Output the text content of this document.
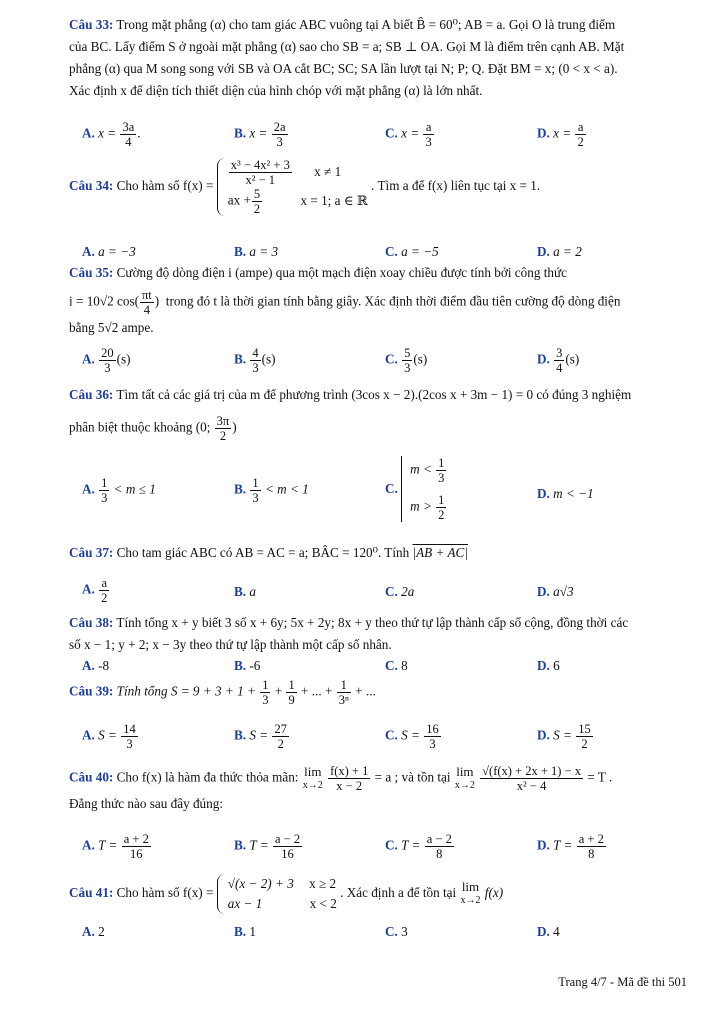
Câu 33: Trong mặt phẳng (α) cho tam giác ABC vuông tại A biết B̂ = 60⁰; AB = a. Gọi O là trung điểm
của BC. Lấy điểm S ở ngoài mặt phẳng (α) sao cho SB = a; SB ⊥ OA. Gọi M là điểm trên cạnh AB. Mặt
phẳng (α) qua M song song với SB và OA cắt BC; SC; SA lần lượt tại N; P; Q. Đặt BM = x; (0 < x < a).
Xác định x để diện tích thiết diện của hình chóp với mặt phẳng (α) là lớn nhất.
A. $x = \frac{3a}{4}$ .	B. $x = \frac{2a}{3}$	C. $x = \frac{a}{3}$	D. $x = \frac{a}{2}$
Câu 34: Cho hàm số $f(x) = \frac{\text{x³ − 4x² + 3}}{\text{x² − 1}}$ x ≠ 1
ax + $\frac{5}{2}$	x = 1; a ∈ ℝ
. Tìm a để f(x) liên tục tại x = 1.
A. a = −3	B. a = 3	C. a = −5	D. a = 2
Câu 35: Cường độ dòng điện i (ampe) qua một mạch điện xoay chiều được tính bởi công thức
i = 10√2 $\cos( \frac{\pi t}{4}$ ) trong đó t là thời gian tính bằng giây. Xác định thời điểm đầu tiên cường độ dòng điện
bằng 5√2 ampe.
A. $\frac{20}{3} (s)$	B. $\frac{4}{3} (s)$	C. $\frac{5}{3} (s)$	D. $\frac{3}{4} (s)$
Câu 36: Tìm tất cả các giá trị của m để phương trình (3cos x − 2).(2cos x + 3m − 1) = 0 có đúng 3 nghiệm
phân biệt thuộc khoảng (0; $\frac{3\pi}{2}$ )
A. $\frac{1}{3} < m \le 1$	B. $\frac{1}{3} < m < 1$	C.
$m < \frac{1}{3}$
$m > \frac{1}{2}$	D. m < −1
Câu 37: Cho tam giác ABC có AB = AC = a; BÂC = 120⁰. Tính |AB + AC|
A. $\frac{a}{2}$	B. a	C. 2a	D. a√3
Câu 38: Tính tổng x + y biết 3 số x + 6y; 5x + 2y; 8x + y theo thứ tự lập thành cấp số cộng, đồng thời các
số x − 1; y + 2; x − 3y theo thứ tự lập thành một cấp số nhân.
A. -8	B. -6	C. 8	D. 6
Câu 39: Tính tổng $S = 9 + 3 + 1 + \frac{1}{3} + \frac{1}{9}$ + ... + $\frac{1}{\text{3ⁿ}}$ + ...
A. $S = \frac{14}{3}$	B. $S = \frac{27}{2}$	C. $S = \frac{16}{3}$	D. $S = \frac{15}{2}$
Câu 40: Cho f(x) là hàm đa thức thỏa mãn: lim
x→2
$\frac{f(x) + 1}{x - 2} = a$ ; và tồn tại lim
x→2
$\frac{√(f(x) + 2x + 1) - x}{\text{x² − 4}} = T$ .
Đẳng thức nào sau đây đúng:
A. $T = \frac{a + 2}{16}$	B. $T = \frac{a - 2}{16}$	C. $T = \frac{a - 2}{8}$	D. $T = \frac{a + 2}{8}$
Câu 41: Cho hàm số f(x) =
√(x − 2) + 3 x ≥ 2
ax − 1	x < 2
. Xác định a để tồn tại lim
x→2
f(x)
A. 2	B. 1	C. 3	D. 4
Trang 4/7 - Mã đề thi 501
